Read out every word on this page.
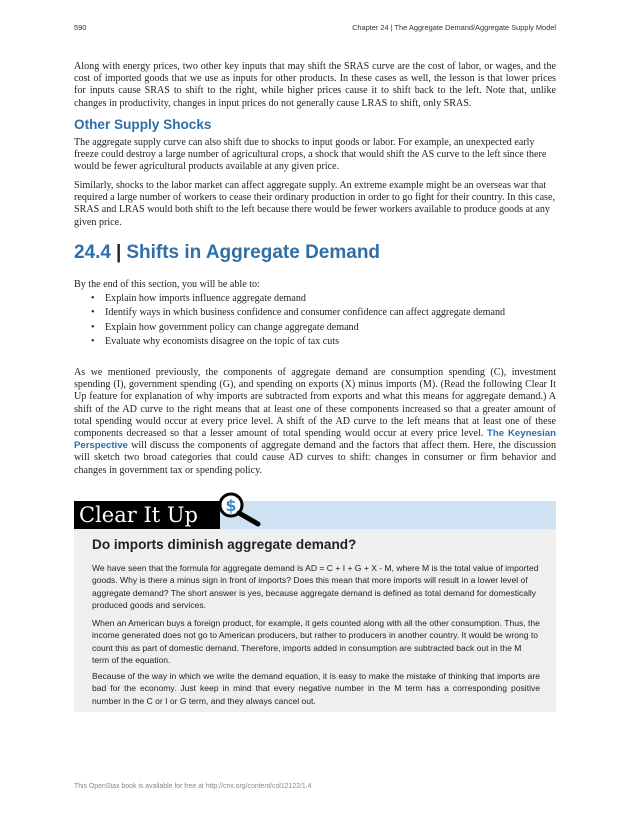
590	Chapter 24 | The Aggregate Demand/Aggregate Supply Model

Along with energy prices, two other key inputs that may shift the SRAS curve are the cost of labor, or wages, and the cost of imported goods that we use as inputs for other products. In these cases as well, the lesson is that lower prices for inputs cause SRAS to shift to the right, while higher prices cause it to shift back to the left. Note that, unlike changes in productivity, changes in input prices do not generally cause LRAS to shift, only SRAS.

Other Supply Shocks

The aggregate supply curve can also shift due to shocks to input goods or labor. For example, an unexpected early freeze could destroy a large number of agricultural crops, a shock that would shift the AS curve to the left since there would be fewer agricultural products available at any given price.

Similarly, shocks to the labor market can affect aggregate supply. An extreme example might be an overseas war that required a large number of workers to cease their ordinary production in order to go fight for their country. In this case, SRAS and LRAS would both shift to the left because there would be fewer workers available to produce goods at any given price.

24.4 | Shifts in Aggregate Demand

By the end of this section, you will be able to:

• Explain how imports influence aggregate demand
• Identify ways in which business confidence and consumer confidence can affect aggregate demand
• Explain how government policy can change aggregate demand
• Evaluate why economists disagree on the topic of tax cuts

As we mentioned previously, the components of aggregate demand are consumption spending (C), investment spending (I), government spending (G), and spending on exports (X) minus imports (M). (Read the following Clear It Up feature for explanation of why imports are subtracted from exports and what this means for aggregate demand.) A shift of the AD curve to the right means that at least one of these components increased so that a greater amount of total spending would occur at every price level. A shift of the AD curve to the left means that at least one of these components decreased so that a lesser amount of total spending would occur at every price level. The Keynesian Perspective will discuss the components of aggregate demand and the factors that affect them. Here, the discussion will sketch two broad categories that could cause AD curves to shift: changes in consumer or firm behavior and changes in government tax or spending policy.

Clear It Up	$
Do imports diminish aggregate demand?

We have seen that the formula for aggregate demand is AD = C + I + G + X - M, where M is the total value of imported goods. Why is there a minus sign in front of imports? Does this mean that more imports will result in a lower level of aggregate demand? The short answer is yes, because aggregate demand is defined as total demand for domestically produced goods and services.

When an American buys a foreign product, for example, it gets counted along with all the other consumption. Thus, the income generated does not go to American producers, but rather to producers in another country. It would be wrong to count this as part of domestic demand. Therefore, imports added in consumption are subtracted back out in the M term of the equation.

Because of the way in which we write the demand equation, it is easy to make the mistake of thinking that imports are bad for the economy. Just keep in mind that every negative number in the M term has a corresponding positive number in the C or I or G term, and they always cancel out.

This OpenStax book is available for free at http://cnx.org/content/col12122/1.4
